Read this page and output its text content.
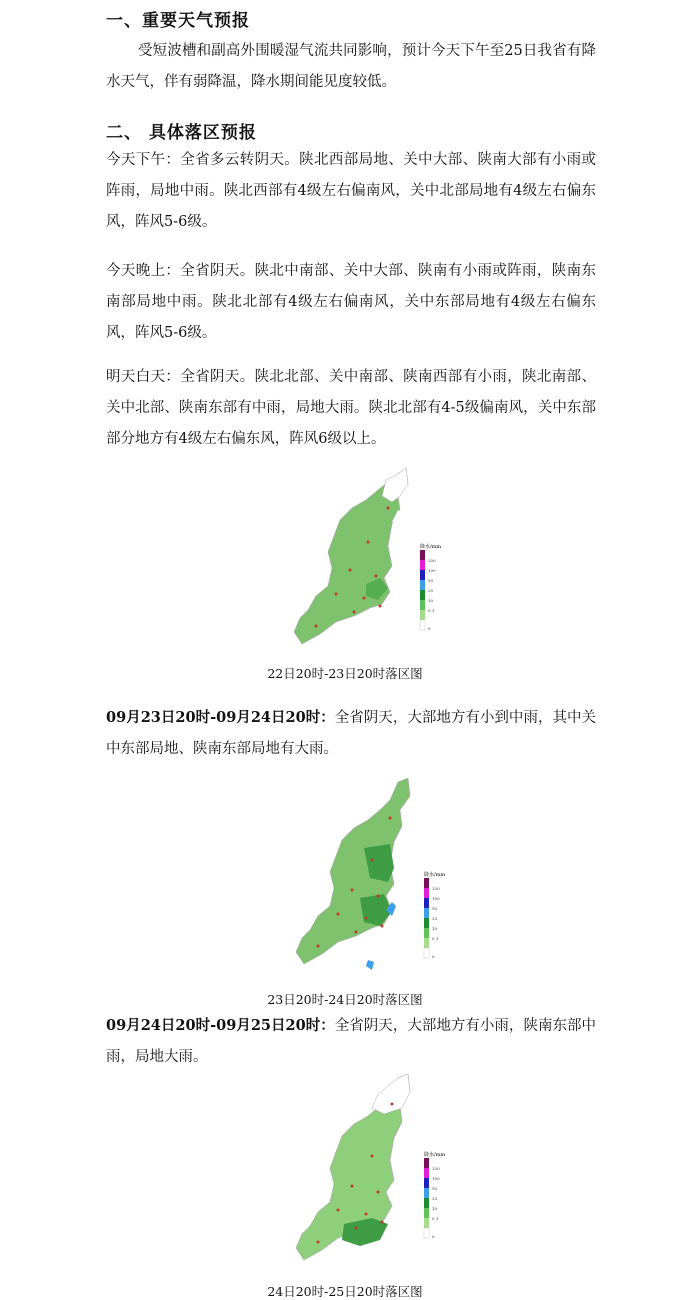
一、重要天气预报

受短波槽和副高外围暖湿气流共同影响，预计今天下午至25日我省有降水天气，伴有弱降温，降水期间能见度较低。

二、 具体落区预报

今天下午：全省多云转阴天。陕北西部局地、关中大部、陕南大部有小雨或阵雨，局地中雨。陕北西部有4级左右偏南风，关中北部局地有4级左右偏东风，阵风5-6级。

今天晚上：全省阴天。陕北中南部、关中大部、陕南有小雨或阵雨，陕南东南部局地中雨。陕北北部有4级左右偏南风，关中东部局地有4级左右偏东风，阵风5-6级。

明天白天：全省阴天。陕北北部、关中南部、陕南西部有小雨，陕北南部、关中北部、陕南东部有中雨，局地大雨。陕北北部有4-5级偏南风，关中东部部分地方有4级左右偏东风，阵风6级以上。

降水/mm
250
100
50
25
10
0.1
0
22日20时-23日20时落区图

09月23日20时-09月24日20时：全省阴天，大部地方有小到中雨，其中关中东部局地、陕南东部局地有大雨。

降水/mm
250
100
50
25
10
0.1
0
23日20时-24日20时落区图

09月24日20时-09月25日20时：全省阴天，大部地方有小雨，陕南东部中雨，局地大雨。

降水/mm
250
100
50
25
10
0.1
0
24日20时-25日20时落区图
